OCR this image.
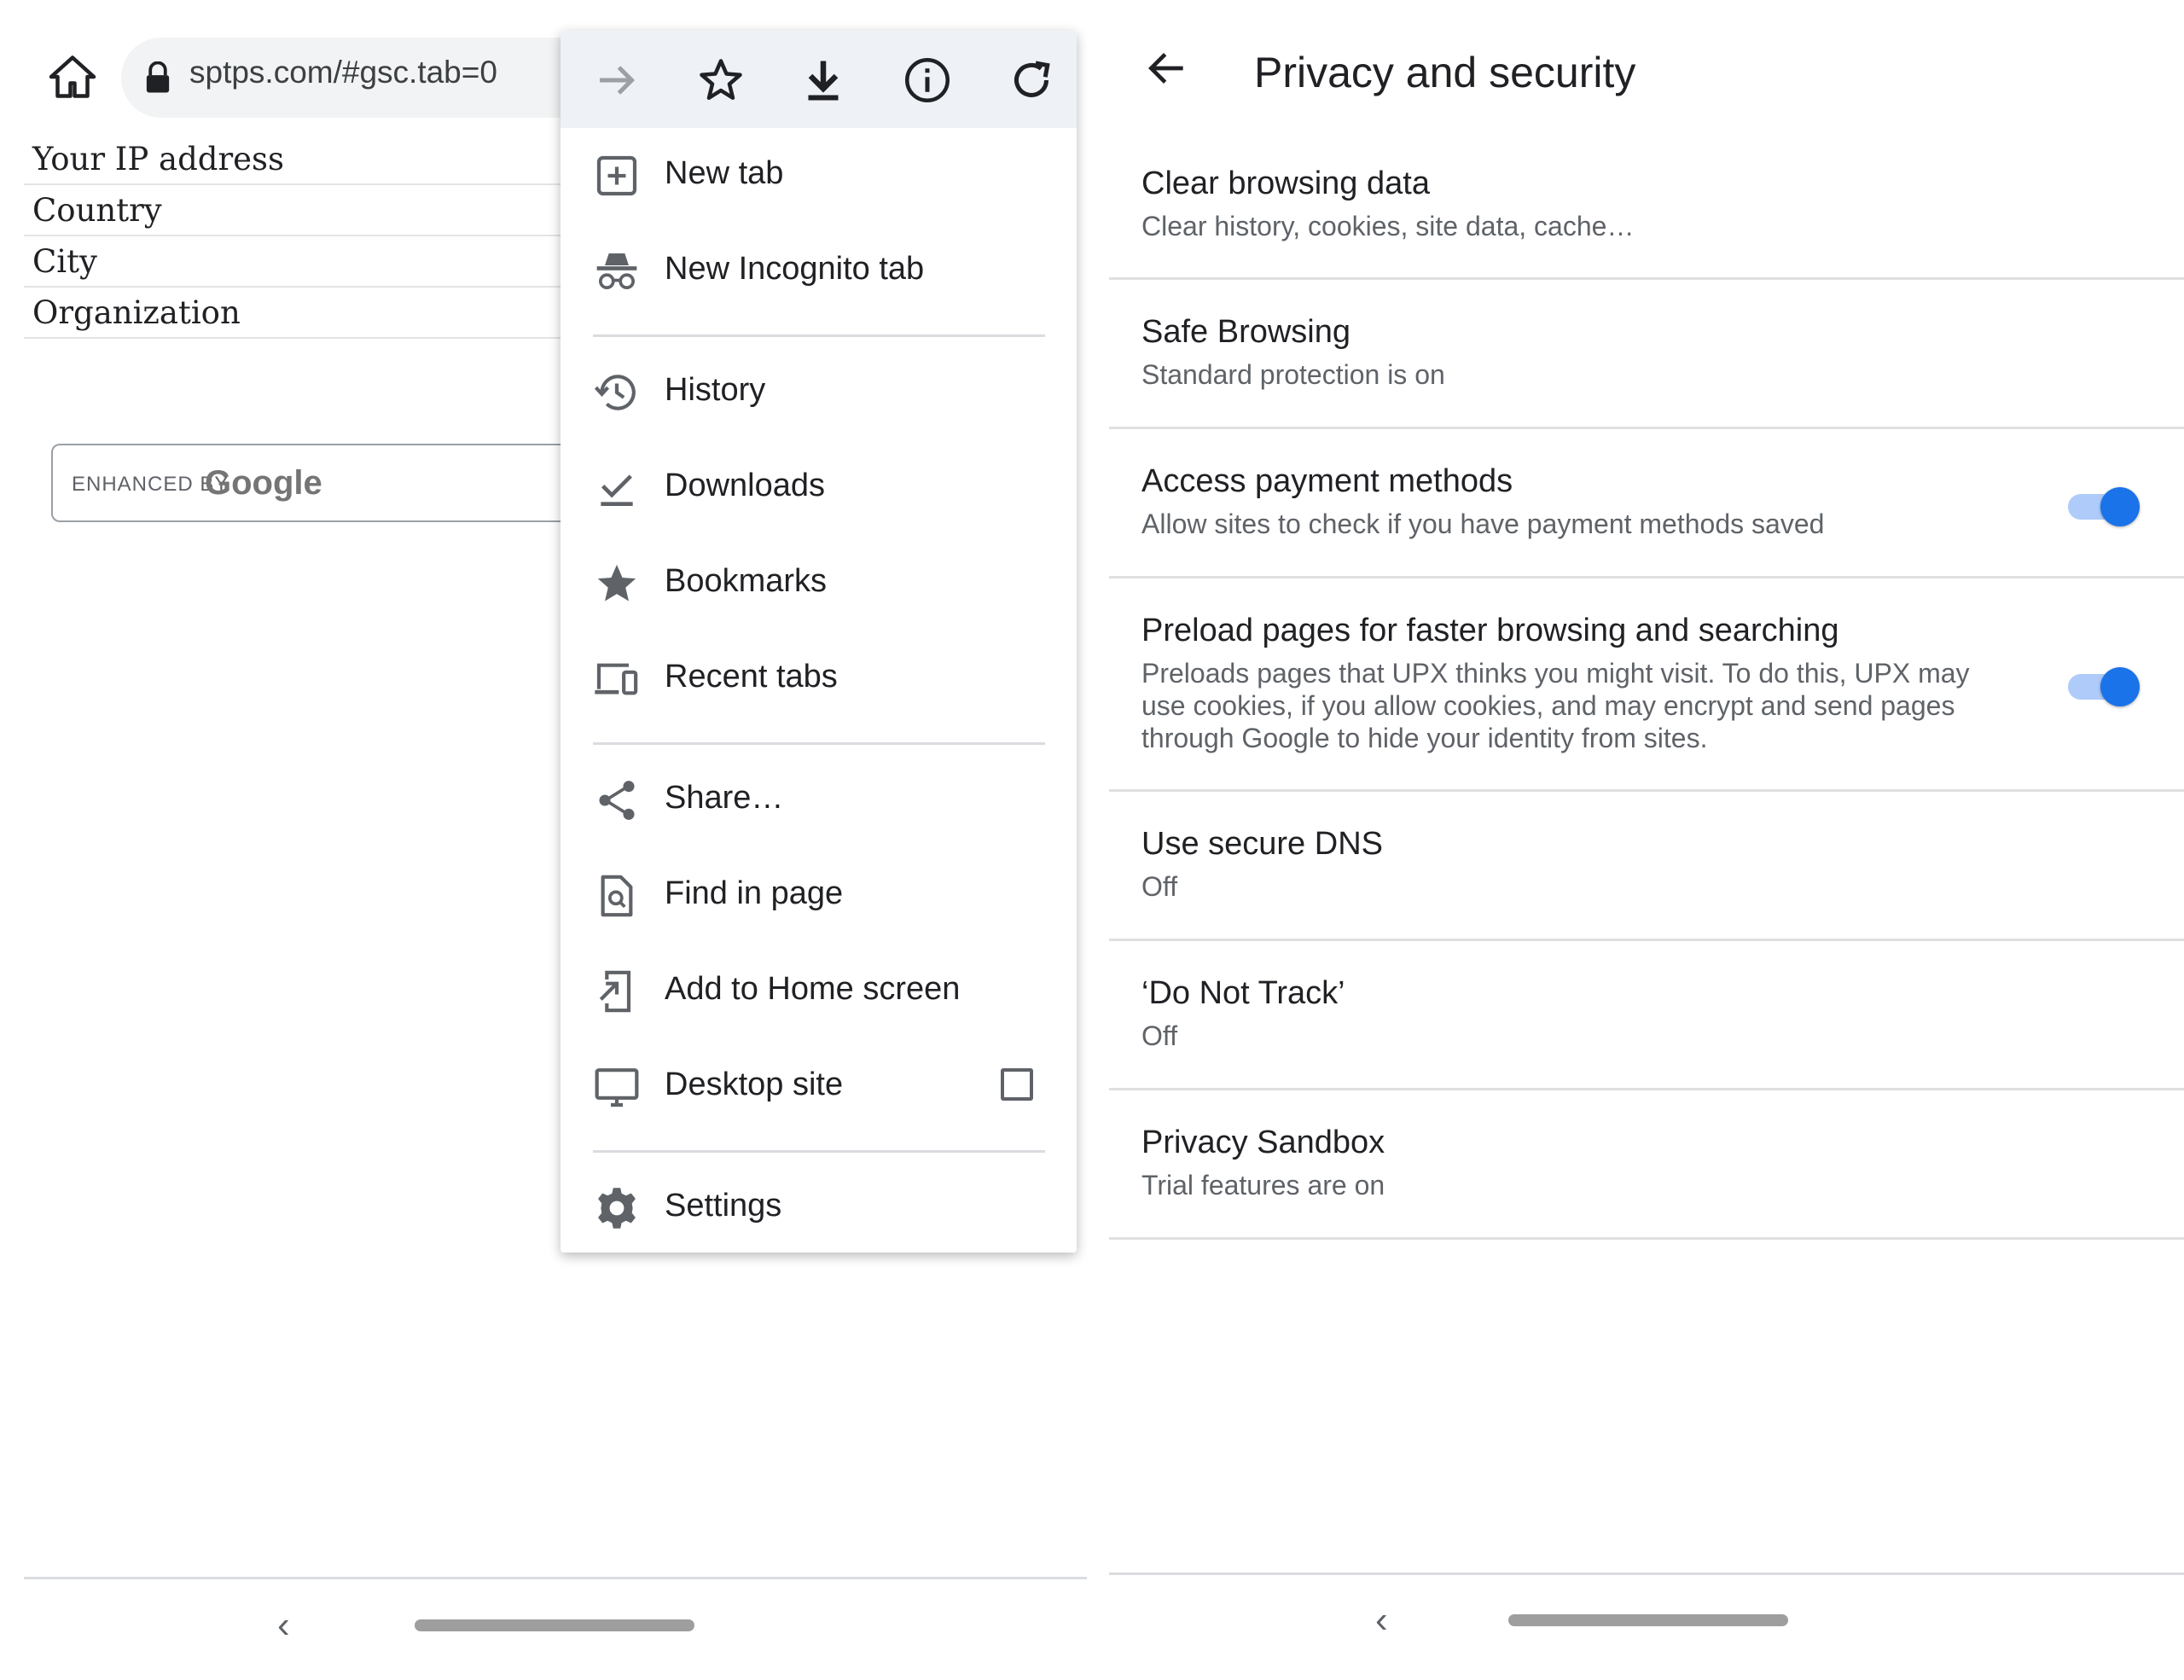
sptps.com/#gsc.tab=0
Your IP address
Country
City
Organization
ENHANCED BY
Google
‹
New tab
New Incognito tab
History
Downloads
Bookmarks
Recent tabs
Share…
Find in page
Add to Home screen
Desktop site
Settings
Privacy and security
Clear browsing data
Clear history, cookies, site data, cache…
Safe Browsing
Standard protection is on
Access payment methods
Allow sites to check if you have payment methods saved
Preload pages for faster browsing and searching
Preloads pages that UPX thinks you might visit. To do this, UPX may use cookies, if you allow cookies, and may encrypt and send pages through Google to hide your identity from sites.
Use secure DNS
Off
‘Do Not Track’
Off
Privacy Sandbox
Trial features are on
‹
